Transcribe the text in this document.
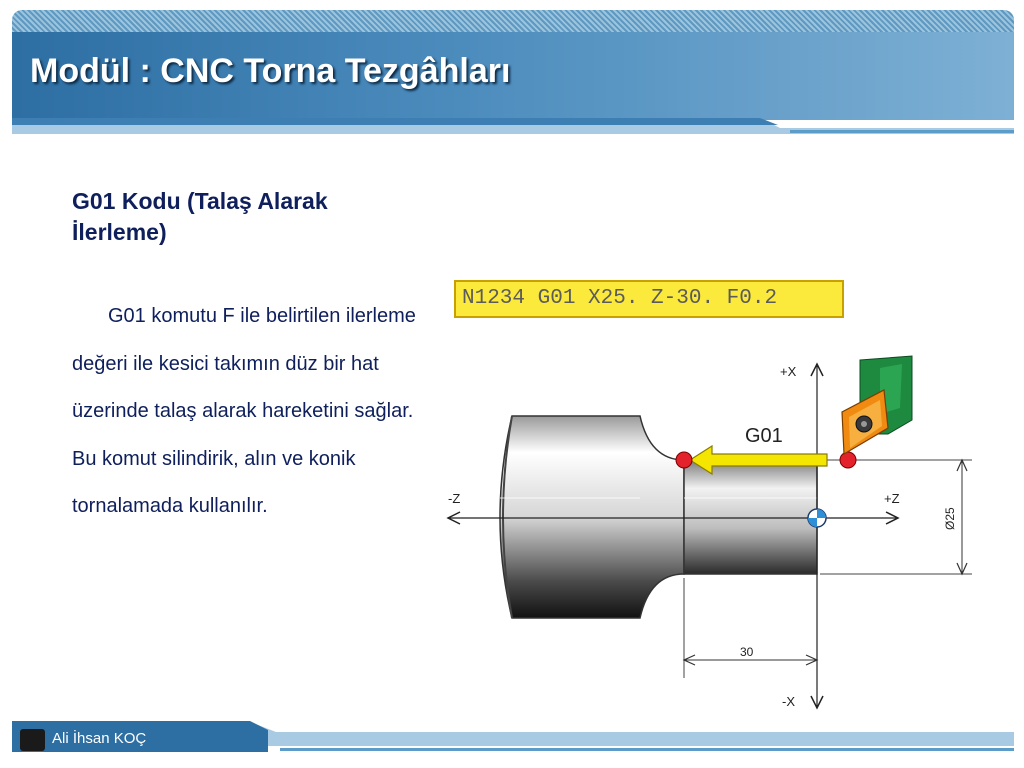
Modül : CNC Torna Tezgâhları
G01 Kodu (Talaş Alarak İlerleme)

G01 komutu F ile belirtilen ilerleme değeri ile kesici takımın düz bir hat üzerinde talaş alarak hareketini sağlar. Bu komut silindirik, alın ve konik tornalamada kullanılır.

N1234 G01 X25. Z-30. F0.2
-Z	+Z
+X
-X
Ø25
30
G01
Ali İhsan KOÇ
